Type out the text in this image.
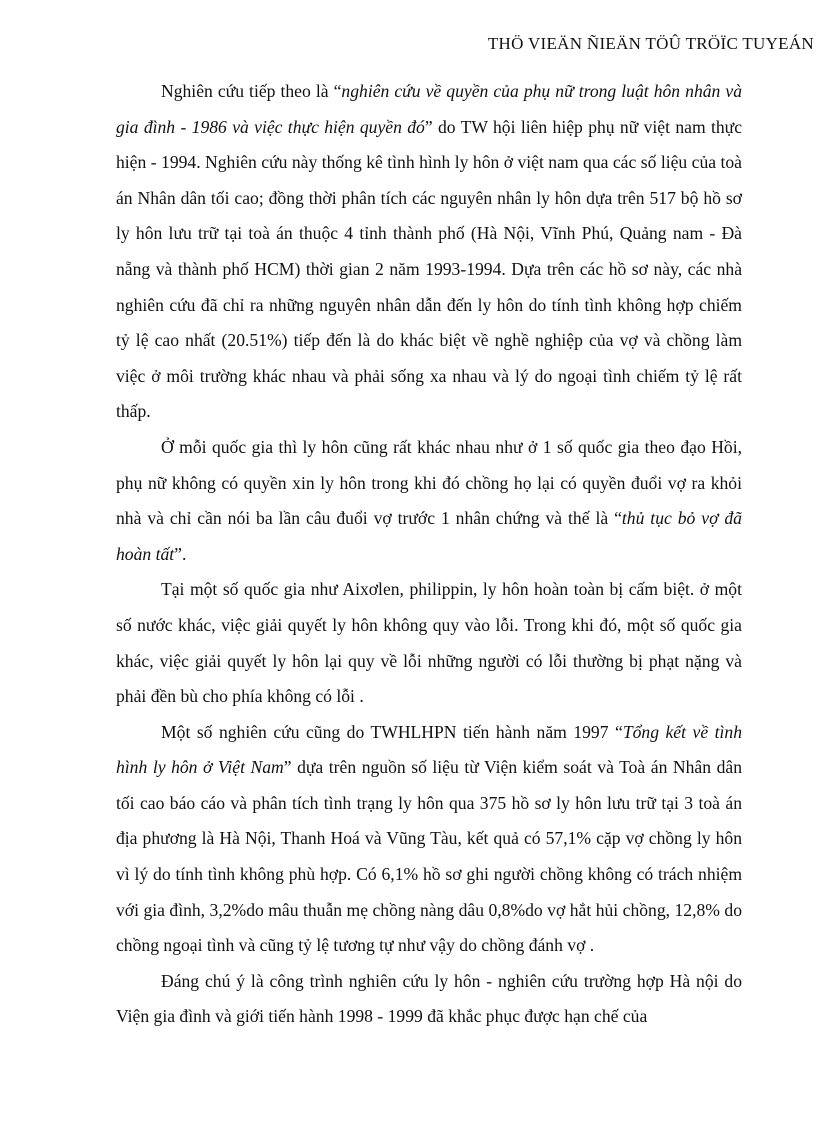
THÖ VIEÄN ÑIEÄN TÖÛ TRÖÏC TUYEÁN

Nghiên cứu tiếp theo là “nghiên cứu về quyền của phụ nữ trong luật hôn nhân và gia đình - 1986 và việc thực hiện quyền đó” do TW hội liên hiệp phụ nữ việt nam thực hiện - 1994. Nghiên cứu này thống kê tình hình ly hôn ở việt nam qua các số liệu của toà án Nhân dân tối cao; đồng thời phân tích các nguyên nhân ly hôn dựa trên 517 bộ hồ sơ ly hôn lưu trữ tại toà án thuộc 4 tỉnh thành phố (Hà Nội, Vĩnh Phú, Quảng nam - Đà nẵng và thành phố HCM) thời gian 2 năm 1993-1994. Dựa trên các hồ sơ này, các nhà nghiên cứu đã chỉ ra những nguyên nhân dẫn đến ly hôn do tính tình không hợp chiếm tỷ lệ cao nhất (20.51%) tiếp đến là do khác biệt về nghề nghiệp của vợ và chồng làm việc ở môi trường khác nhau và phải sống xa nhau và lý do ngoại tình chiếm tỷ lệ rất thấp.

Ở mỗi quốc gia thì ly hôn cũng rất khác nhau như ở 1 số quốc gia theo đạo Hồi, phụ nữ không có quyền xin ly hôn trong khi đó chồng họ lại có quyền đuổi vợ ra khỏi nhà và chỉ cần nói ba lần câu đuổi vợ trước 1 nhân chứng và thế là “thủ tục bỏ vợ đã hoàn tất”.

Tại một số quốc gia như Aixơlen, philippin, ly hôn hoàn toàn bị cấm biệt. ở một số nước khác, việc giải quyết ly hôn không quy vào lỗi. Trong khi đó, một số quốc gia khác, việc giải quyết ly hôn lại quy về lỗi những người có lỗi thường bị phạt nặng và phải đền bù cho phía không có lỗi .

Một số nghiên cứu cũng do TWHLHPN tiến hành năm 1997 “Tổng kết về tình hình ly hôn ở Việt Nam” dựa trên nguồn số liệu từ Viện kiểm soát và Toà án Nhân dân tối cao báo cáo và phân tích tình trạng ly hôn qua 375 hồ sơ ly hôn lưu trữ tại 3 toà án địa phương là Hà Nội, Thanh Hoá và Vũng Tàu, kết quả có 57,1% cặp vợ chồng ly hôn vì lý do tính tình không phù hợp. Có 6,1% hồ sơ ghi người chồng không có trách nhiệm với gia đình, 3,2%do mâu thuẫn mẹ chồng nàng dâu 0,8%do vợ hắt hủi chồng, 12,8% do chồng ngoại tình và cũng tỷ lệ tương tự như vậy do chồng đánh vợ .

Đáng chú ý là công trình nghiên cứu ly hôn - nghiên cứu trường hợp Hà nội do Viện gia đình và giới tiến hành 1998 - 1999 đã khắc phục được hạn chế của
